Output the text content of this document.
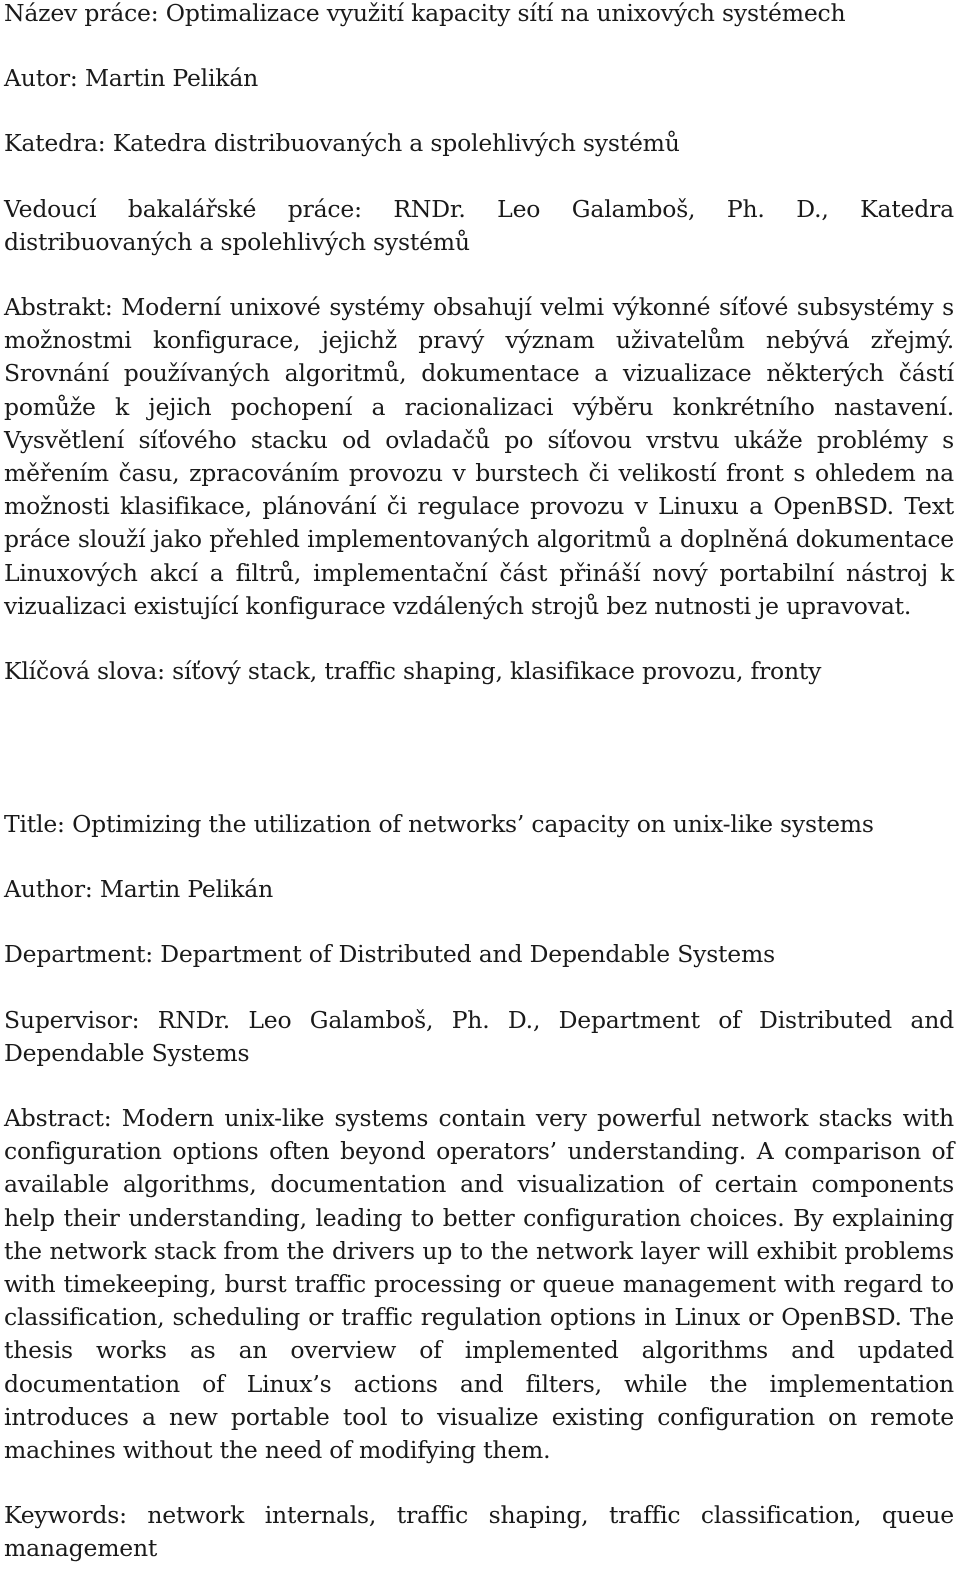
Název práce: Optimalizace využití kapacity sítí na unixových systémech

Autor: Martin Pelikán

Katedra: Katedra distribuovaných a spolehlivých systémů

Vedoucí bakalářské práce: RNDr. Leo Galamboš, Ph. D., Katedra distribuovaných a spolehlivých systémů

Abstrakt: Moderní unixové systémy obsahují velmi výkonné síťové subsystémy s možnostmi konfigurace, jejichž pravý význam uživatelům nebývá zřejmý. Srovnání používaných algoritmů, dokumentace a vizualizace některých částí pomůže k jejich pochopení a racionalizaci výběru konkrétního nastavení. Vysvětlení síťového stacku od ovladačů po síťovou vrstvu ukáže problémy s měřením času, zpracováním provozu v burstech či velikostí front s ohledem na možnosti klasifikace, plánování či regulace provozu v Linuxu a OpenBSD. Text práce slouží jako přehled implementovaných algoritmů a doplněná dokumentace Linuxových akcí a filtrů, implementační část přináší nový portabilní nástroj k vizualizaci existující konfigurace vzdálených strojů bez nutnosti je upravovat.

Klíčová slova: síťový stack, traffic shaping, klasifikace provozu, fronty

Title: Optimizing the utilization of networks’ capacity on unix-like systems

Author: Martin Pelikán

Department: Department of Distributed and Dependable Systems

Supervisor: RNDr. Leo Galamboš, Ph. D., Department of Distributed and Dependable Systems

Abstract: Modern unix-like systems contain very powerful network stacks with configuration options often beyond operators’ understanding. A comparison of available algorithms, documentation and visualization of certain components help their understanding, leading to better configuration choices. By explaining the network stack from the drivers up to the network layer will exhibit problems with timekeeping, burst traffic processing or queue management with regard to classification, scheduling or traffic regulation options in Linux or OpenBSD. The thesis works as an overview of implemented algorithms and updated documentation of Linux’s actions and filters, while the implementation introduces a new portable tool to visualize existing configuration on remote machines without the need of modifying them.

Keywords: network internals, traffic shaping, traffic classification, queue management
